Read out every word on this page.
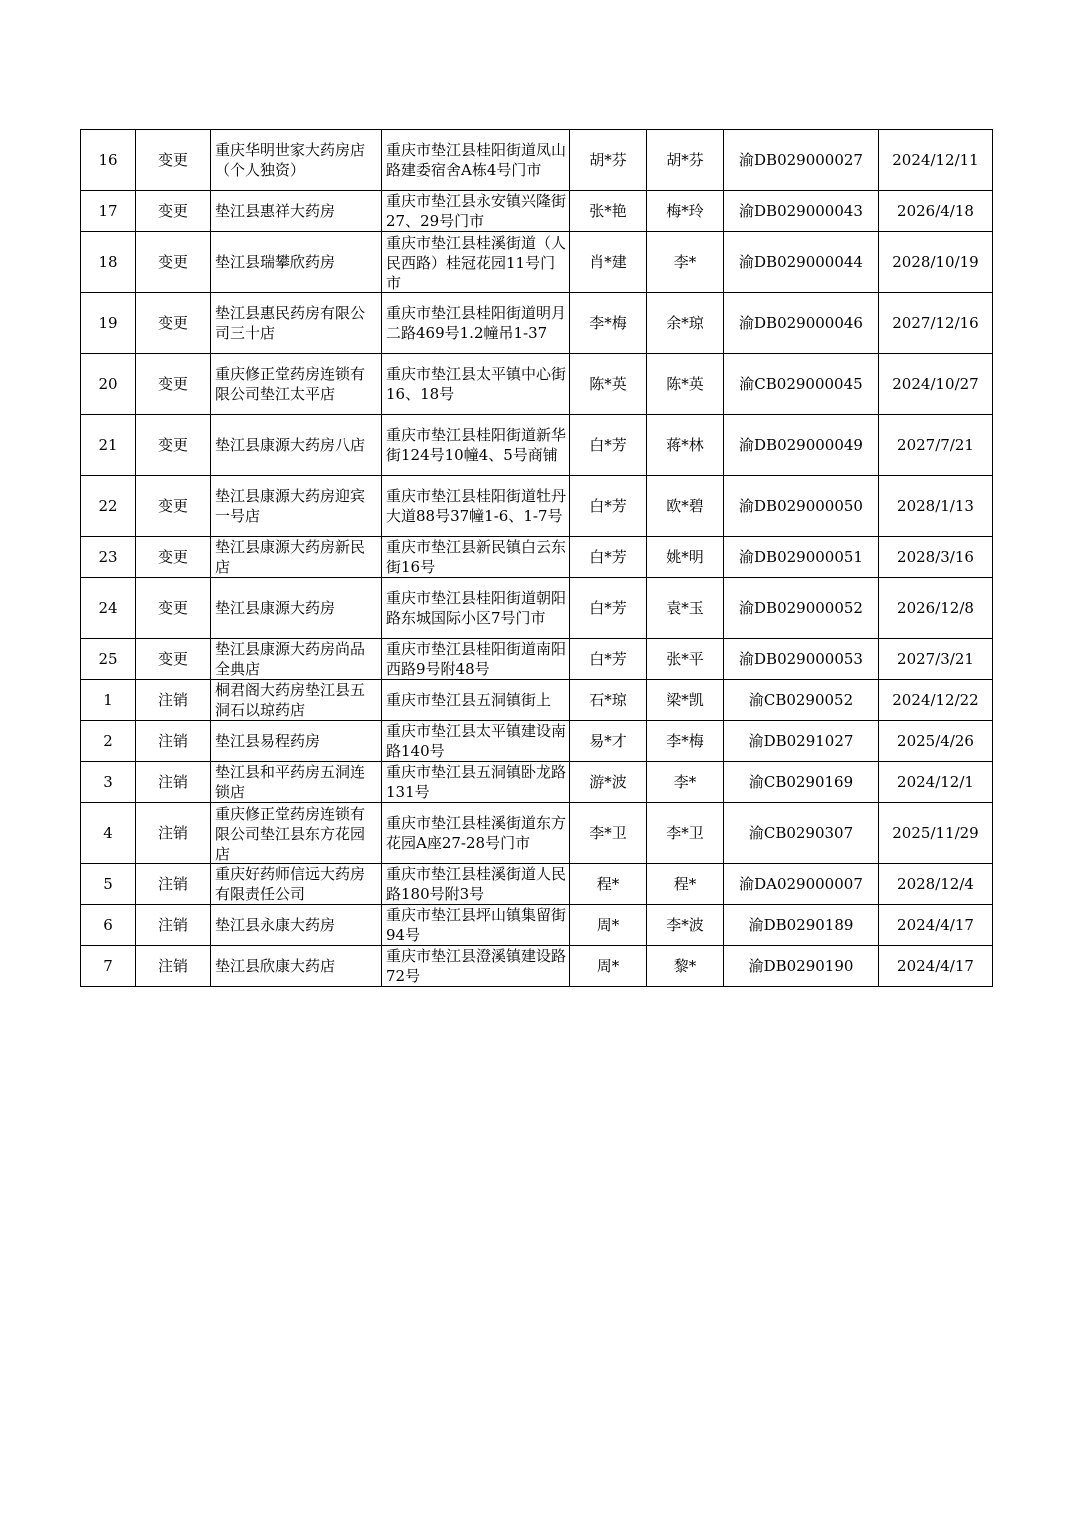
16	变更	重庆华明世家大药房店（个人独资）	重庆市垫江县桂阳街道凤山路建委宿舍A栋4号门市	胡*芬	胡*芬	渝DB029000027	2024/12/11

17	变更	垫江县惠祥大药房	重庆市垫江县永安镇兴隆街27、29号门市	张*艳	梅*玲	渝DB029000043	2026/4/18

18	变更	垫江县瑞攀欣药房	重庆市垫江县桂溪街道（人民西路）桂冠花园11号门市	肖*建	李*	渝DB029000044	2028/10/19

19	变更	垫江县惠民药房有限公司三十店	重庆市垫江县桂阳街道明月二路469号1.2幢吊1-37	李*梅	余*琼	渝DB029000046	2027/12/16

20	变更	重庆修正堂药房连锁有限公司垫江太平店	重庆市垫江县太平镇中心街16、18号	陈*英	陈*英	渝CB029000045	2024/10/27

21	变更	垫江县康源大药房八店	重庆市垫江县桂阳街道新华街124号10幢4、5号商铺	白*芳	蒋*林	渝DB029000049	2027/7/21

22	变更	垫江县康源大药房迎宾一号店	重庆市垫江县桂阳街道牡丹大道88号37幢1-6、1-7号	白*芳	欧*碧	渝DB029000050	2028/1/13

23	变更	垫江县康源大药房新民店	重庆市垫江县新民镇白云东街16号	白*芳	姚*明	渝DB029000051	2028/3/16

24	变更	垫江县康源大药房	重庆市垫江县桂阳街道朝阳路东城国际小区7号门市	白*芳	袁*玉	渝DB029000052	2026/12/8

25	变更	垫江县康源大药房尚品全典店	重庆市垫江县桂阳街道南阳西路9号附48号	白*芳	张*平	渝DB029000053	2027/3/21

1	注销	桐君阁大药房垫江县五洞石以琼药店	重庆市垫江县五洞镇街上	石*琼	梁*凯	渝CB0290052	2024/12/22

2	注销	垫江县易程药房	重庆市垫江县太平镇建设南路140号	易*才	李*梅	渝DB0291027	2025/4/26

3	注销	垫江县和平药房五洞连锁店	重庆市垫江县五洞镇卧龙路131号	游*波	李*	渝CB0290169	2024/12/1

4	注销	重庆修正堂药房连锁有限公司垫江县东方花园店	重庆市垫江县桂溪街道东方花园A座27-28号门市	李*卫	李*卫	渝CB0290307	2025/11/29

5	注销	重庆好药师信远大药房有限责任公司	重庆市垫江县桂溪街道人民路180号附3号	程*	程*	渝DA029000007	2028/12/4

6	注销	垫江县永康大药房	重庆市垫江县坪山镇集留街94号	周*	李*波	渝DB0290189	2024/4/17

7	注销	垫江县欣康大药店	重庆市垫江县澄溪镇建设路72号	周*	黎*	渝DB0290190	2024/4/17
